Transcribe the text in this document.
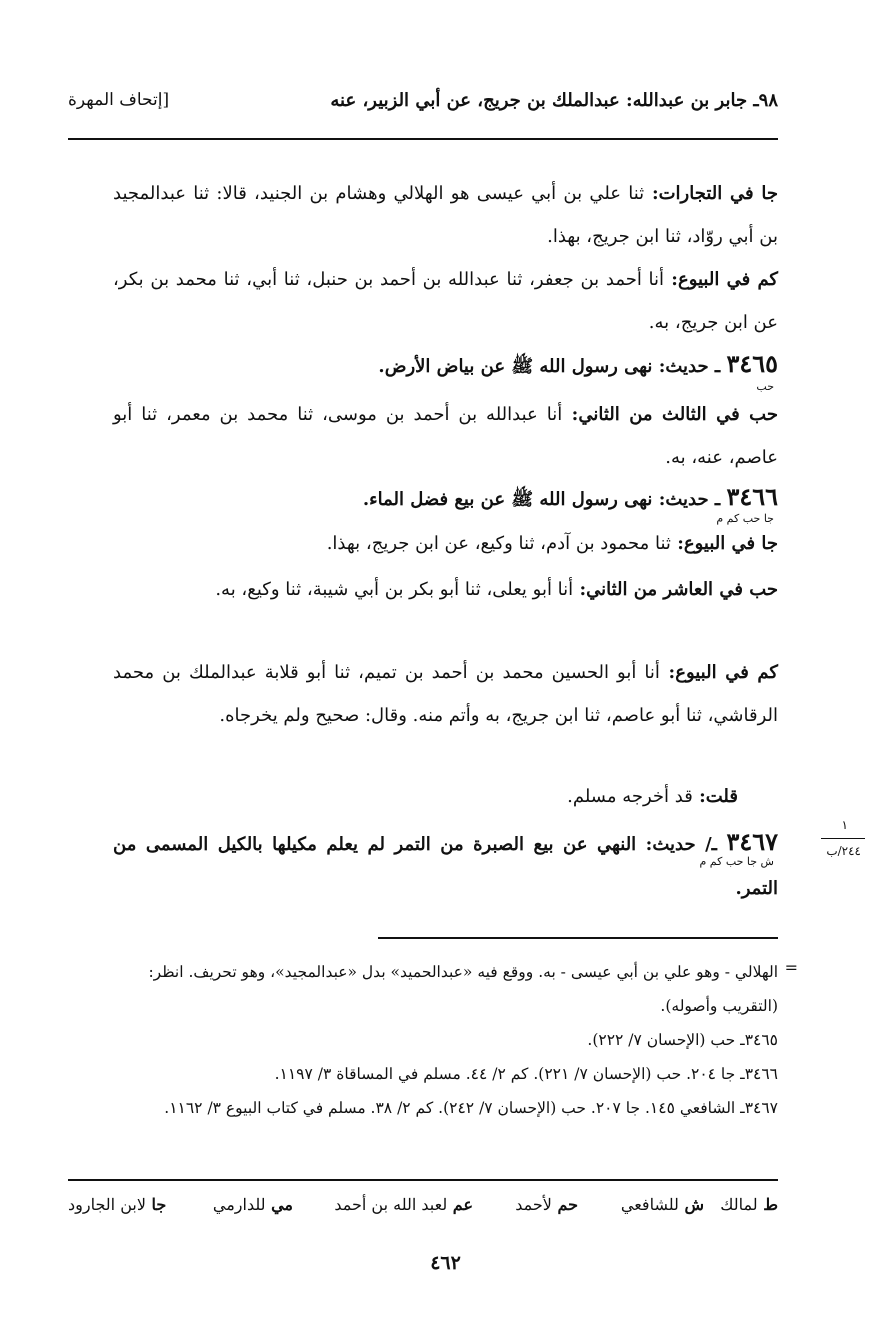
٩٨ـ جابر بن عبدالله: عبدالملك بن جريج، عن أبي الزبير، عنه
[إتحاف المهرة
جا في التجارات: ثنا علي بن أبي عيسى هو الهلالي وهشام بن الجنيد، قالا: ثنا عبدالمجيد بن أبي روّاد، ثنا ابن جريج، بهذا.
كم في البيوع: أنا أحمد بن جعفر، ثنا عبدالله بن أحمد بن حنبل، ثنا أبي، ثنا محمد بن بكر، عن ابن جريج، به.
٣٤٦٥ ـ حديث: نهى رسول الله ﷺ عن بياض الأرض.
حب
حب في الثالث من الثاني: أنا عبدالله بن أحمد بن موسى، ثنا محمد بن معمر، ثنا أبو عاصم، عنه، به.
٣٤٦٦ ـ حديث: نهى رسول الله ﷺ عن بيع فضل الماء.
جا حب كم م
جا في البيوع: ثنا محمود بن آدم، ثنا وكيع، عن ابن جريج، بهذا.
حب في العاشر من الثاني: أنا أبو يعلى، ثنا أبو بكر بن أبي شيبة، ثنا وكيع، به.
كم في البيوع: أنا أبو الحسين محمد بن أحمد بن تميم، ثنا أبو قلابة عبدالملك بن محمد الرقاشي، ثنا أبو عاصم، ثنا ابن جريج، به وأتم منه. وقال: صحيح ولم يخرجاه.
قلت: قد أخرجه مسلم.
٣٤٦٧ ـ/ حديث: النهي عن بيع الصبرة من التمر لم يعلم مكيلها بالكيل المسمى من التمر.
ش جا حب كم م
١
٢٤٤/ب
=
الهلالي - وهو علي بن أبي عيسى - به. ووقع فيه «عبدالحميد» بدل «عبدالمجيد»، وهو تحريف. انظر: (التقريب وأصوله).
٣٤٦٥ـ حب (الإحسان ٧/ ٢٢٢).
٣٤٦٦ـ جا ٢٠٤. حب (الإحسان ٧/ ٢٢١). كم ٢/ ٤٤. مسلم في المساقاة ٣/ ١١٩٧.
٣٤٦٧ـ الشافعي ١٤٥. جا ٢٠٧. حب (الإحسان ٧/ ٢٤٢). كم ٢/ ٣٨. مسلم في كتاب البيوع ٣/ ١١٦٢.
ط لمالك
ش للشافعي
حم لأحمد
عم لعبد الله بن أحمد
مي للدارمي
جا لابن الجارود
٤٦٢
